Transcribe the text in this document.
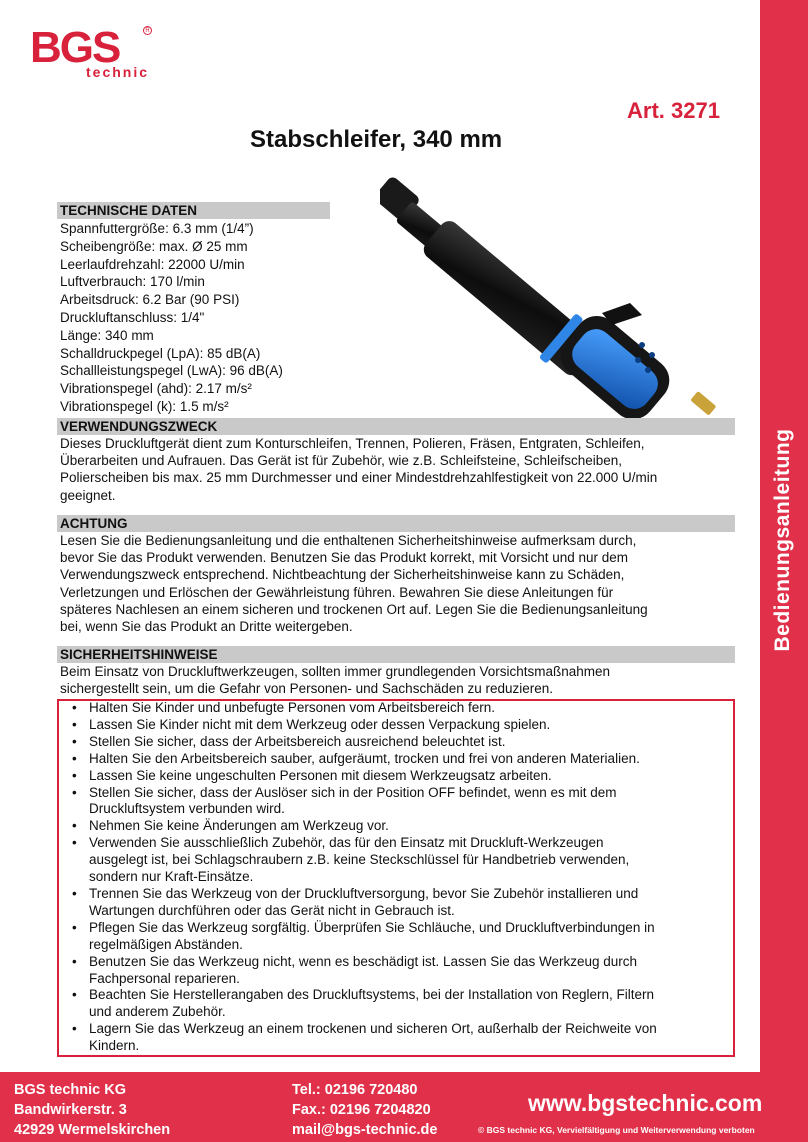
Bedienungsanleitung
BGS	R
technic
Art. 3271
Stabschleifer, 340 mm
TECHNISCHE DATEN
Spannfuttergröße: 6.3 mm (1/4”)
Scheibengröße: max. Ø 25 mm
Leerlaufdrehzahl: 22000 U/min
Luftverbrauch: 170 l/min
Arbeitsdruck: 6.2 Bar (90 PSI)
Druckluftanschluss: 1/4"
Länge: 340 mm
Schalldruckpegel (LpA): 85 dB(A)
Schallleistungspegel (LwA): 96 dB(A)
Vibrationspegel (ahd): 2.17 m/s²
Vibrationspegel (k): 1.5 m/s²
VERWENDUNGSZWECK
Dieses Druckluftgerät dient zum Konturschleifen, Trennen, Polieren, Fräsen, Entgraten, Schleifen,
Überarbeiten und Aufrauen. Das Gerät ist für Zubehör, wie z.B. Schleifsteine, Schleifscheiben,
Polierscheiben bis max. 25 mm Durchmesser und einer Mindestdrehzahlfestigkeit von 22.000 U/min
geeignet.
ACHTUNG
Lesen Sie die Bedienungsanleitung und die enthaltenen Sicherheitshinweise aufmerksam durch,
bevor Sie das Produkt verwenden. Benutzen Sie das Produkt korrekt, mit Vorsicht und nur dem
Verwendungszweck entsprechend. Nichtbeachtung der Sicherheitshinweise kann zu Schäden,
Verletzungen und Erlöschen der Gewährleistung führen. Bewahren Sie diese Anleitungen für
späteres Nachlesen an einem sicheren und trockenen Ort auf. Legen Sie die Bedienungsanleitung
bei, wenn Sie das Produkt an Dritte weitergeben.
SICHERHEITSHINWEISE
Beim Einsatz von Druckluftwerkzeugen, sollten immer grundlegenden Vorsichtsmaßnahmen
sichergestellt sein, um die Gefahr von Personen- und Sachschäden zu reduzieren.
• Halten Sie Kinder und unbefugte Personen vom Arbeitsbereich fern.
• Lassen Sie Kinder nicht mit dem Werkzeug oder dessen Verpackung spielen.
• Stellen Sie sicher, dass der Arbeitsbereich ausreichend beleuchtet ist.
• Halten Sie den Arbeitsbereich sauber, aufgeräumt, trocken und frei von anderen Materialien.
• Lassen Sie keine ungeschulten Personen mit diesem Werkzeugsatz arbeiten.
• Stellen Sie sicher, dass der Auslöser sich in der Position OFF befindet, wenn es mit dem
Druckluftsystem verbunden wird.
• Nehmen Sie keine Änderungen am Werkzeug vor.
• Verwenden Sie ausschließlich Zubehör, das für den Einsatz mit Druckluft-Werkzeugen
ausgelegt ist, bei Schlagschraubern z.B. keine Steckschlüssel für Handbetrieb verwenden,
sondern nur Kraft-Einsätze.
• Trennen Sie das Werkzeug von der Druckluftversorgung, bevor Sie Zubehör installieren und
Wartungen durchführen oder das Gerät nicht in Gebrauch ist.
• Pflegen Sie das Werkzeug sorgfältig. Überprüfen Sie Schläuche, und Druckluftverbindungen in
regelmäßigen Abständen.
• Benutzen Sie das Werkzeug nicht, wenn es beschädigt ist. Lassen Sie das Werkzeug durch
Fachpersonal reparieren.
• Beachten Sie Herstellerangaben des Druckluftsystems, bei der Installation von Reglern, Filtern
und anderem Zubehör.
• Lagern Sie das Werkzeug an einem trockenen und sicheren Ort, außerhalb der Reichweite von
Kindern.
BGS technic KG
Bandwirkerstr. 3
42929 Wermelskirchen
Tel.: 02196 720480
Fax.: 02196 7204820
mail@bgs-technic.de
www.bgstechnic.com
© BGS technic KG, Vervielfältigung und Weiterverwendung verboten
